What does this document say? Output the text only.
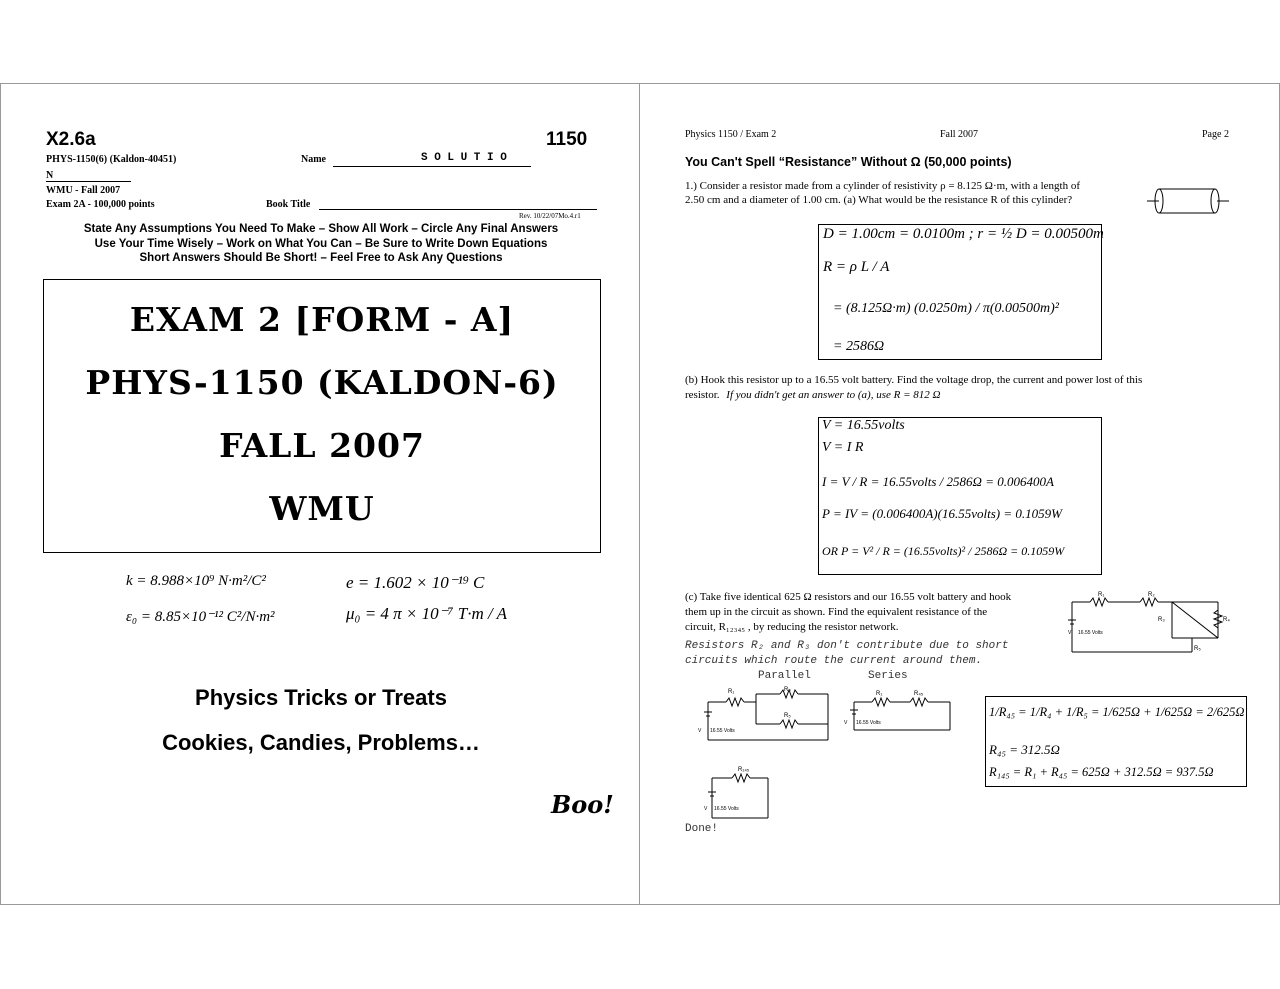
X2.6a	1150
PHYS-1150(6) (Kaldon-40451)	Name	S O L U T I O
N
WMU - Fall 2007
Exam 2A - 100,000 points	Book Title
Rev. 10/22/07Mo.4.r1
State Any Assumptions You Need To Make – Show All Work – Circle Any Final Answers
Use Your Time Wisely – Work on What You Can – Be Sure to Write Down Equations
Short Answers Should Be Short! – Feel Free to Ask Any Questions
EXAM 2 [FORM - A]
PHYS-1150 (KALDON-6)
FALL 2007
WMU
k = 8.988×10⁹ N·m²/C²	e = 1.602 × 10⁻¹⁹ C
ε₀ = 8.85×10⁻¹² C²/N·m²	μ₀ = 4 π × 10⁻⁷ T·m / A
Physics Tricks or Treats
Cookies, Candies, Problems…
Boo!
Physics 1150 / Exam 2	Fall 2007	Page 2
You Can't Spell “Resistance” Without Ω (50,000 points)
1.) Consider a resistor made from a cylinder of resistivity ρ = 8.125 Ω·m, with a length of
2.50 cm and a diameter of 1.00 cm. (a) What would be the resistance R of this cylinder?
D = 1.00cm = 0.0100m ; r = ½ D = 0.00500m
R = ρ L / A
= (8.125Ω·m) (0.0250m) / π(0.00500m)²
= 2586Ω
(b) Hook this resistor up to a 16.55 volt battery. Find the voltage drop, the current and power lost of this
resistor. If you didn't get an answer to (a), use R = 812 Ω
V = 16.55volts
V = I R
I = V / R = 16.55volts / 2586Ω = 0.006400A
P = IV = (0.006400A)(16.55volts) = 0.1059W
OR P = V² / R = (16.55volts)² / 2586Ω = 0.1059W
(c) Take five identical 625 Ω resistors and our 16.55 volt battery and hook
them up in the circuit as shown. Find the equivalent resistance of the
circuit, R₁₂₃₄₅ , by reducing the resistor network.
R₁	R₂
R₃	R₄
R₅
V 16.55 Volts
Resistors R₂ and R₃ don't contribute due to short
circuits which route the current around them.
Parallel	Series
R₁	R₄
R₅
V 16.55 Volts
R₁	R₄₅
V 16.55 Volts
R₁₄₅
V 16.55 Volts
1/R₄₅ = 1/R₄ + 1/R₅ = 1/625Ω + 1/625Ω = 2/625Ω
R₄₅ = 312.5Ω
R₁₄₅ = R₁ + R₄₅ = 625Ω + 312.5Ω = 937.5Ω
Done!
